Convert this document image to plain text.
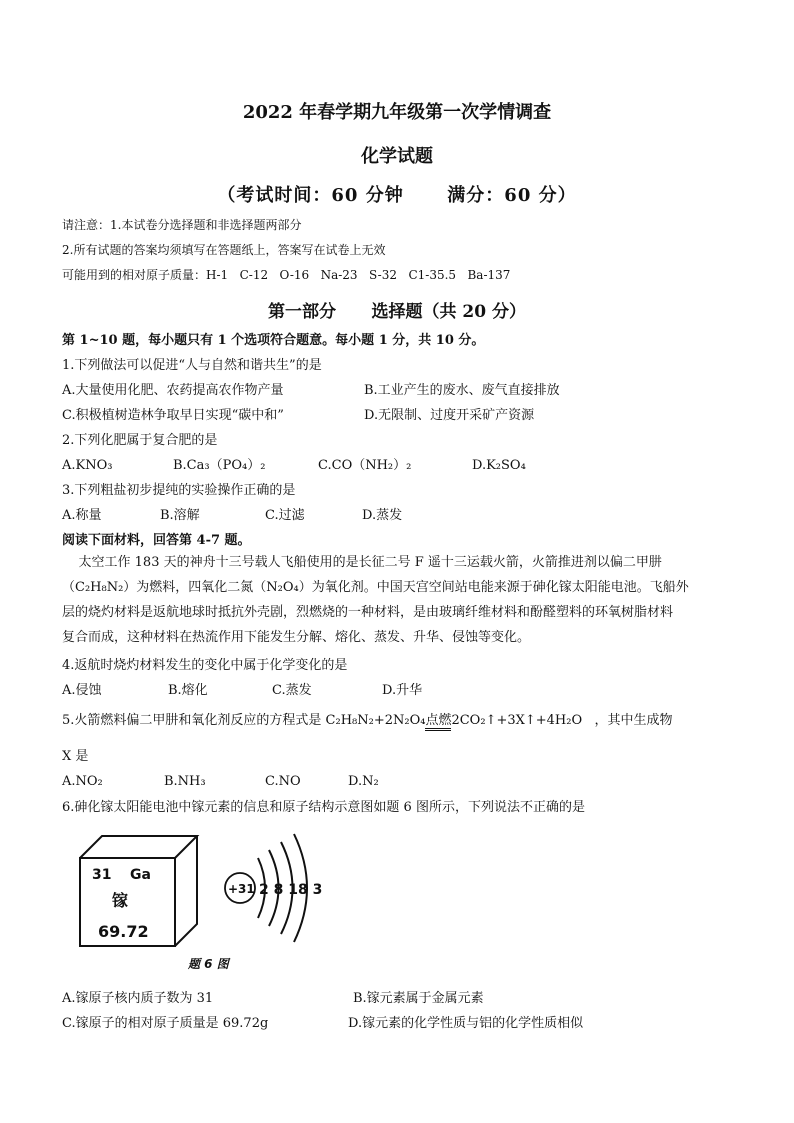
2022 年春学期九年级第一次学情调查
化学试题
（考试时间：60 分钟      满分：60 分）
请注意：1.本试卷分选择题和非选择题两部分
2.所有试题的答案均须填写在答题纸上，答案写在试卷上无效
可能用到的相对原子质量：H-1   C-12   O-16   Na-23   S-32   C1-35.5   Ba-137
第一部分      选择题（共 20 分）
第 1~10 题，每小题只有 1 个选项符合题意。每小题 1 分，共 10 分。
1.下列做法可以促进“人与自然和谐共生”的是
A.大量使用化肥、农药提高农作物产量	B.工业产生的废水、废气直接排放
C.积极植树造林争取早日实现“碳中和”	D.无限制、过度开采矿产资源
2.下列化肥属于复合肥的是
A.KNO₃	B.Ca₃（PO₄）₂	C.CO（NH₂）₂	D.K₂SO₄
3.下列粗盐初步提纯的实验操作正确的是
A.称量	B.溶解	C.过滤	D.蒸发
阅读下面材料，回答第 4-7 题。
太空工作 183 天的神舟十三号载人飞船使用的是长征二号 F 遥十三运载火箭，火箭推进剂以偏二甲肼
（C₂H₈N₂）为燃料，四氧化二氮（N₂O₄）为氧化剂。中国天宫空间站电能来源于砷化镓太阳能电池。飞船外
层的烧灼材料是返航地球时抵抗外壳剧，烈燃烧的一种材料，是由玻璃纤维材料和酚醛塑料的环氧树脂材料
复合而成，这种材料在热流作用下能发生分解、熔化、蒸发、升华、侵蚀等变化。
4.返航时烧灼材料发生的变化中属于化学变化的是
A.侵蚀	B.熔化	C.蒸发	D.升华
5.火箭燃料偏二甲肼和氧化剂反应的方程式是 C₂H₈N₂+2N₂O₄点燃2CO₂↑+3X↑+4H₂O   ，其中生成物
X 是
A.NO₂	B.NH₃	C.NO	D.N₂
6.砷化镓太阳能电池中镓元素的信息和原子结构示意图如题 6 图所示，下列说法不正确的是
31 Ga
镓
69.72
+31 2 8 18 3
题 6 图
A.镓原子核内质子数为 31	B.镓元素属于金属元素
C.镓原子的相对原子质量是 69.72g	D.镓元素的化学性质与铝的化学性质相似
